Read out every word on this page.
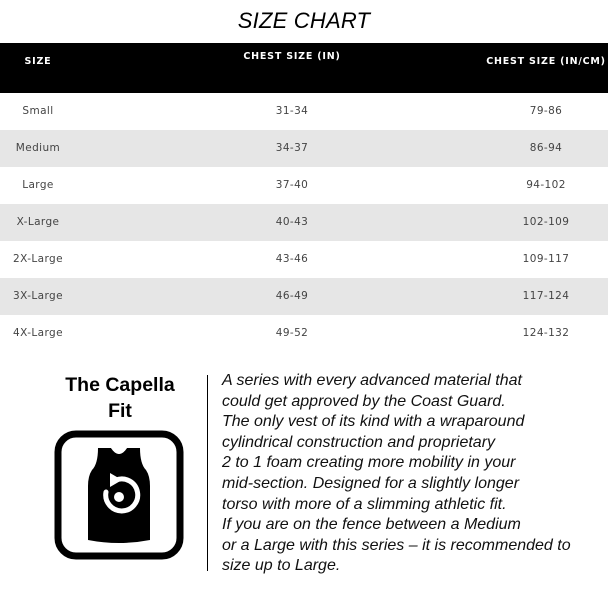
SIZE CHART
SIZE	CHEST SIZE (IN)	CHEST SIZE (IN/CM)
Small	31-34	79-86
Medium	34-37	86-94
Large	37-40	94-102
X-Large	40-43	102-109
2X-Large	43-46	109-117
3X-Large	46-49	117-124
4X-Large	49-52	124-132
The Capella
Fit
A series with every advanced material that
could get approved by the Coast Guard.
The only vest of its kind with a wraparound
cylindrical construction and proprietary
2 to 1 foam creating more mobility in your
mid-section. Designed for a slightly longer
torso with more of a slimming athletic fit.
If you are on the fence between a Medium
or a Large with this series – it is recommended to
size up to Large.
